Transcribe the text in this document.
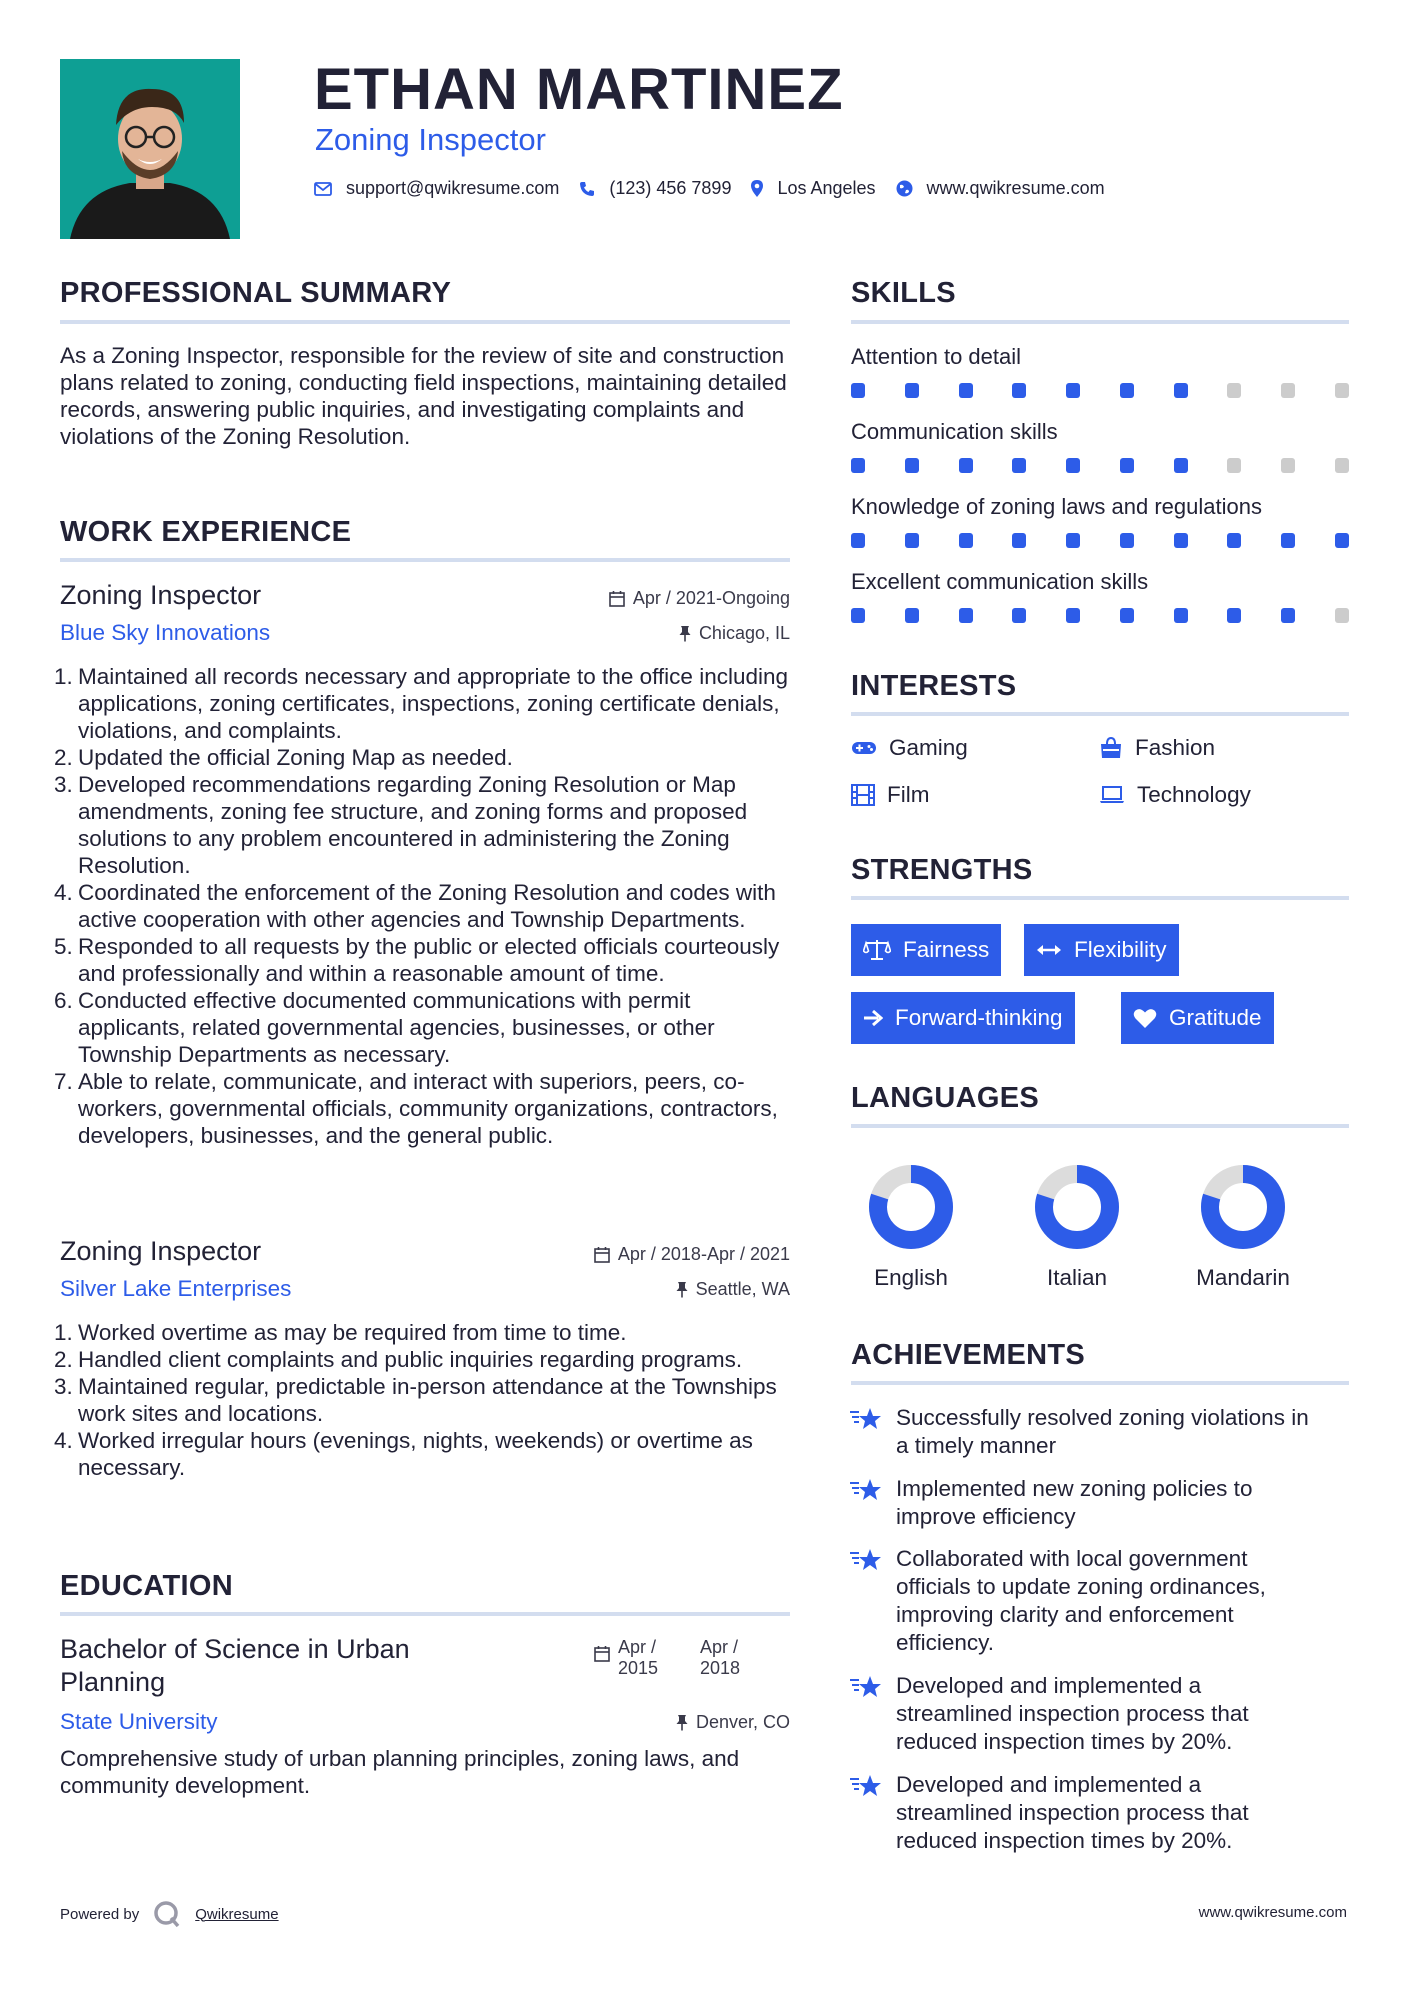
ETHAN MARTINEZ
Zoning Inspector
support@qwikresume.com	(123) 456 7899	Los Angeles	www.qwikresume.com
PROFESSIONAL SUMMARY
As a Zoning Inspector, responsible for the review of site and construction plans related to zoning, conducting field inspections, maintaining detailed records, answering public inquiries, and investigating complaints and violations of the Zoning Resolution.
WORK EXPERIENCE
Zoning Inspector	Apr / 2021-Ongoing
Blue Sky Innovations	Chicago, IL
1. Maintained all records necessary and appropriate to the office including applications, zoning certificates, inspections, zoning certificate denials, violations, and complaints.
2. Updated the official Zoning Map as needed.
3. Developed recommendations regarding Zoning Resolution or Map amendments, zoning fee structure, and zoning forms and proposed solutions to any problem encountered in administering the Zoning Resolution.
4. Coordinated the enforcement of the Zoning Resolution and codes with active cooperation with other agencies and Township Departments.
5. Responded to all requests by the public or elected officials courteously and professionally and within a reasonable amount of time.
6. Conducted effective documented communications with permit applicants, related governmental agencies, businesses, or other Township Departments as necessary.
7. Able to relate, communicate, and interact with superiors, peers, co-workers, governmental officials, community organizations, contractors, developers, businesses, and the general public.
Zoning Inspector	Apr / 2018-Apr / 2021
Silver Lake Enterprises	Seattle, WA
1. Worked overtime as may be required from time to time.
2. Handled client complaints and public inquiries regarding programs.
3. Maintained regular, predictable in-person attendance at the Townships work sites and locations.
4. Worked irregular hours (evenings, nights, weekends) or overtime as necessary.
EDUCATION
Bachelor of Science in Urban Planning
Apr / 2015
Apr / 2018
State University	Denver, CO
Comprehensive study of urban planning principles, zoning laws, and community development.
SKILLS
Attention to detail
Communication skills
Knowledge of zoning laws and regulations
Excellent communication skills
INTERESTS
Gaming	Fashion
Film	Technology
STRENGTHS
Fairness	Flexibility
Forward-thinking	Gratitude
LANGUAGES
English	Italian	Mandarin
ACHIEVEMENTS
Successfully resolved zoning violations in a timely manner
Implemented new zoning policies to improve efficiency
Collaborated with local government officials to update zoning ordinances, improving clarity and enforcement efficiency.
Developed and implemented a streamlined inspection process that reduced inspection times by 20%.
Developed and implemented a streamlined inspection process that reduced inspection times by 20%.
Powered by	Qwikresume	www.qwikresume.com
